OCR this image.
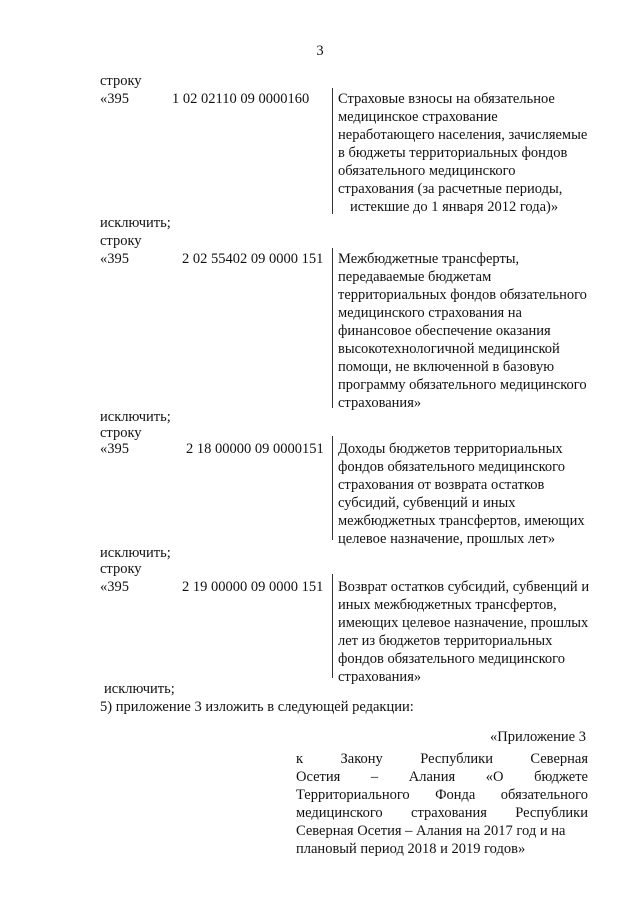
3
строку
«395	1 02 02110 09 0000160 Страховые взносы на обязательное
медицинское страхование
неработающего населения, зачисляемые
в бюджеты территориальных фондов
обязательного медицинского
страхования (за расчетные периоды,
истекшие до 1 января 2012 года)»
исключить;
строку
«395	2 02 55402 09 0000 151 Межбюджетные трансферты,
передаваемые бюджетам
территориальных фондов обязательного
медицинского страхования на
финансовое обеспечение оказания
высокотехнологичной медицинской
помощи, не включенной в базовую
программу обязательного медицинского
страхования»
исключить;
строку
«395	2 18 00000 09 0000151 Доходы бюджетов территориальных
фондов обязательного медицинского
страхования от возврата остатков
субсидий, субвенций и иных
межбюджетных трансфертов, имеющих
целевое назначение, прошлых лет»
исключить;
строку
«395	2 19 00000 09 0000 151 Возврат остатков субсидий, субвенций и
иных межбюджетных трансфертов,
имеющих целевое назначение, прошлых
лет из бюджетов территориальных
фондов обязательного медицинского
страхования»
исключить;
5) приложение 3 изложить в следующей редакции:
«Приложение 3
к Закону Республики Северная
Осетия – Алания «О бюджете
Территориального Фонда обязательного
медицинского страхования Республики
Северная Осетия – Алания на 2017 год и на
плановый период 2018 и 2019 годов»
